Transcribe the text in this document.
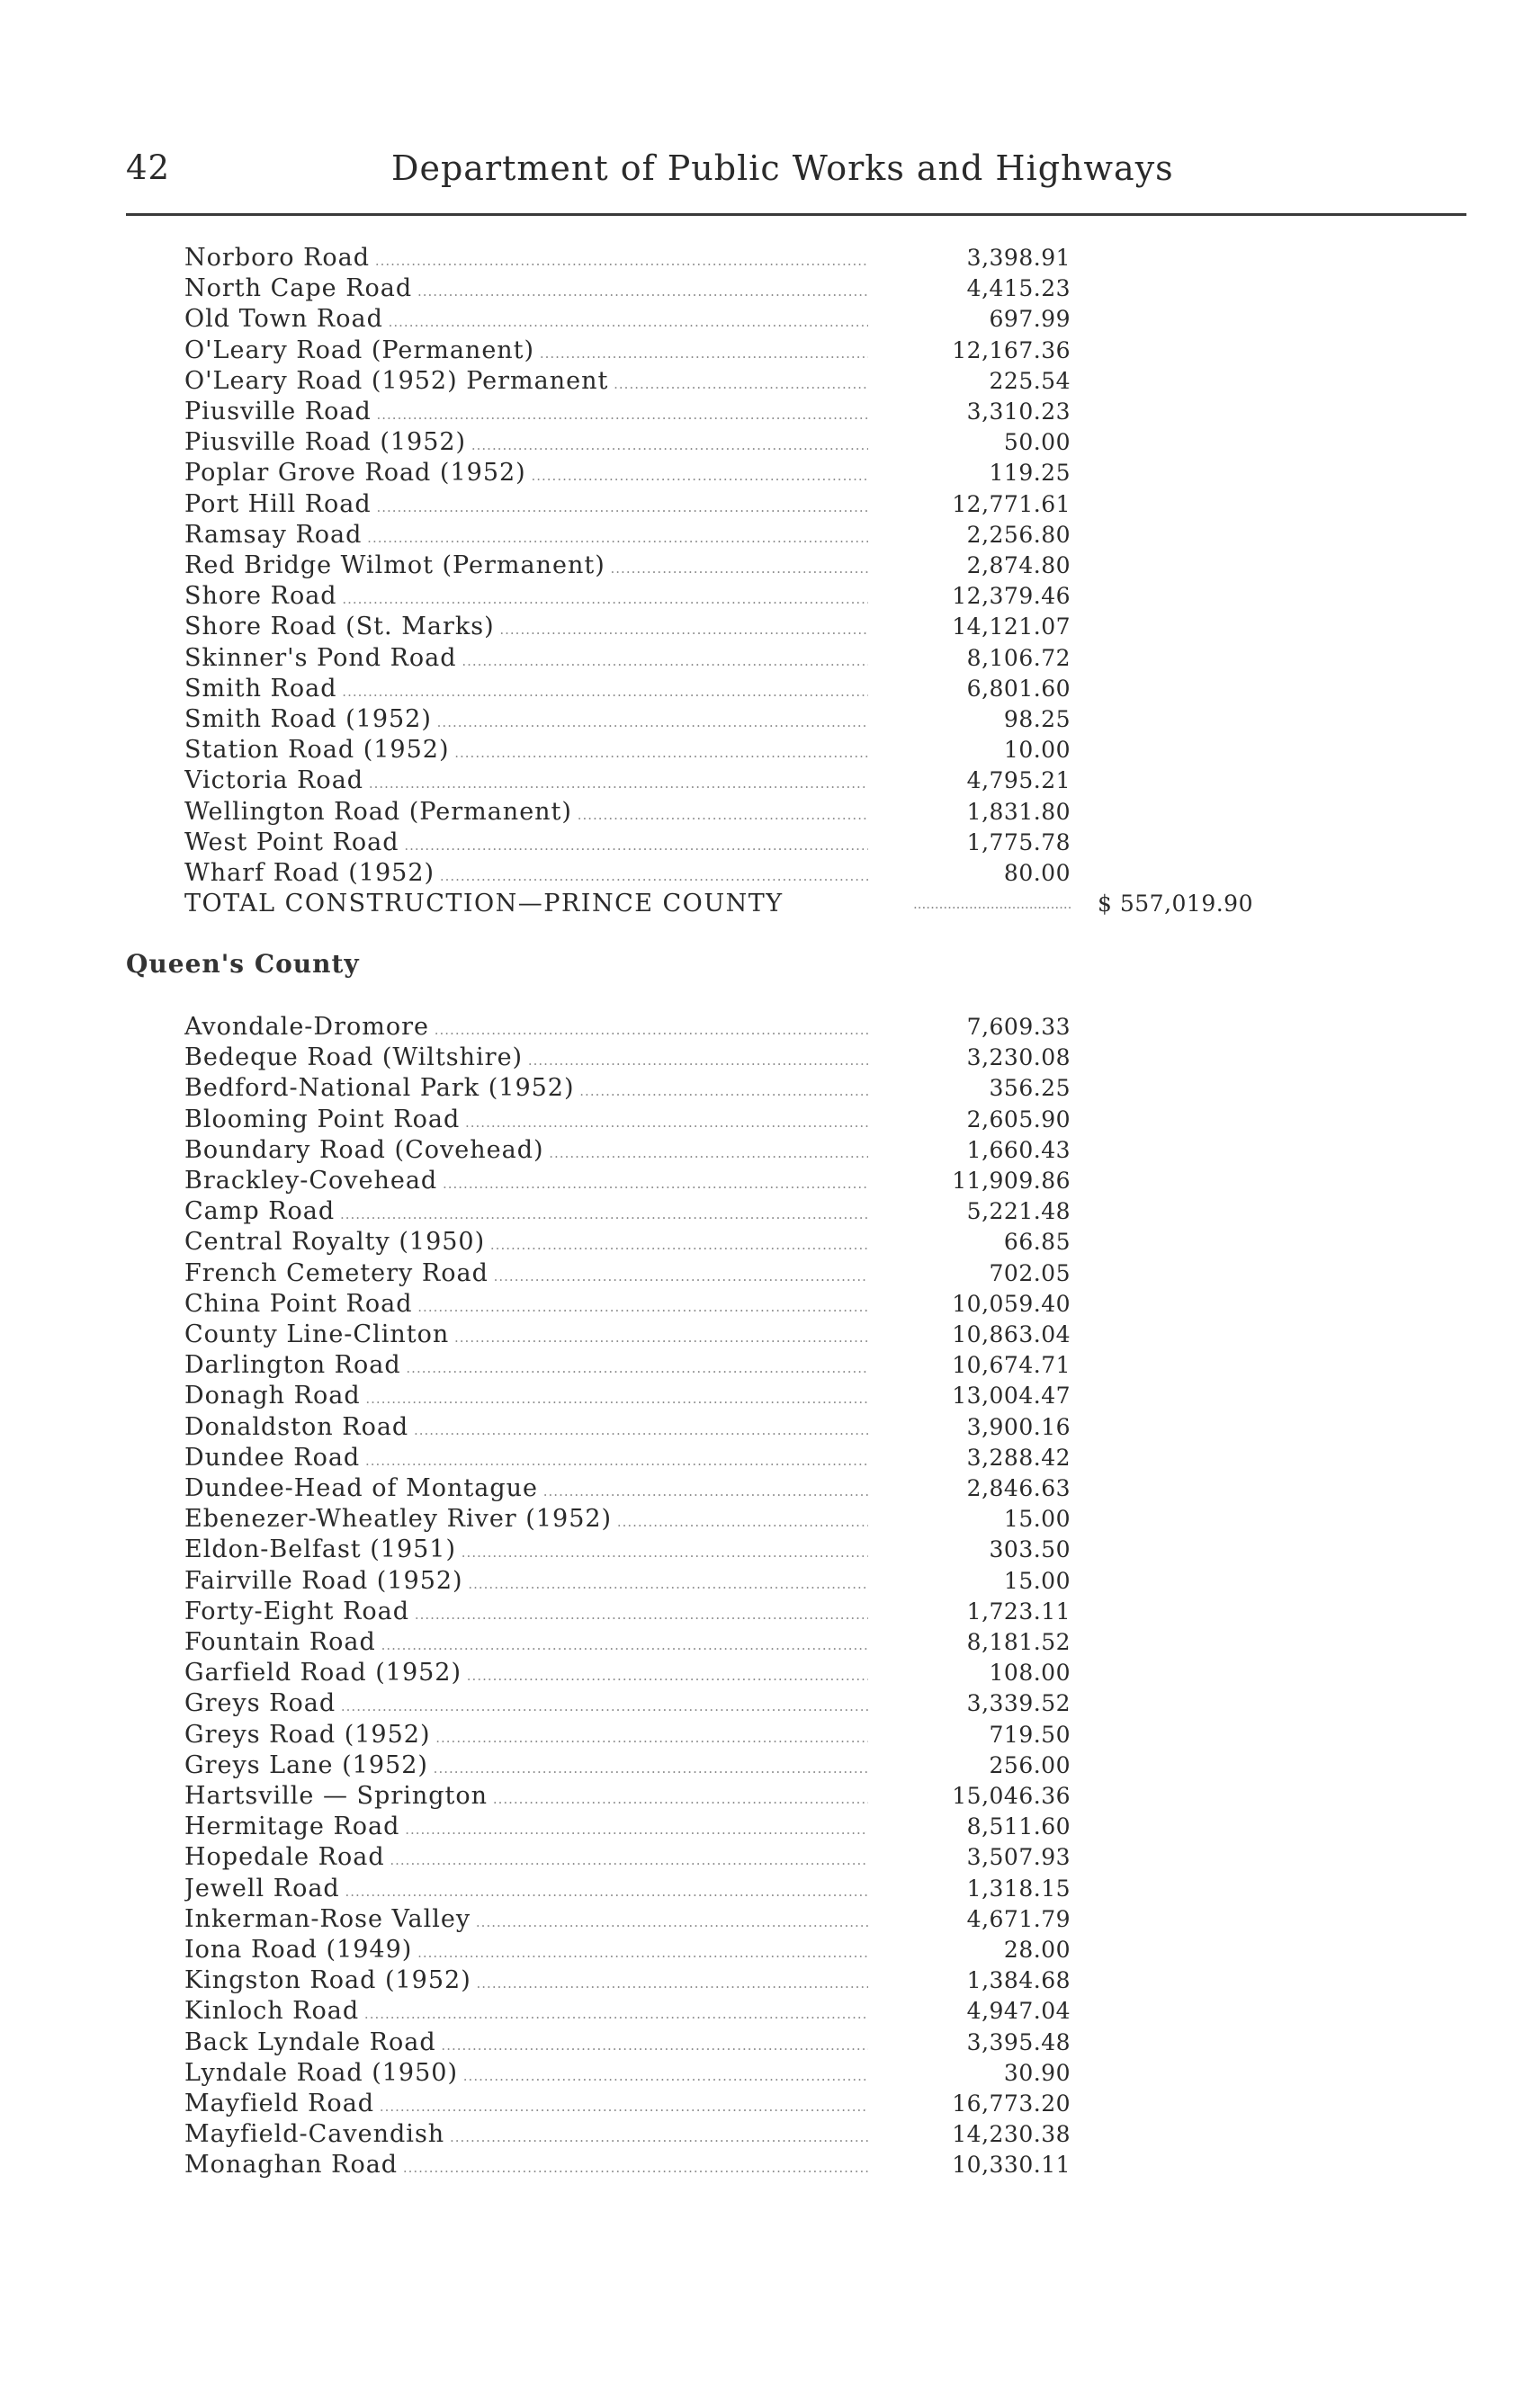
42	Department of Public Works and Highways
Norboro Road .....	3,398.91
North Cape Road .....	4,415.23
Old Town Road .....	697.99
O'Leary Road (Permanent) .....	12,167.36
O'Leary Road (1952) Permanent .....	225.54
Piusville Road .....	3,310.23
Piusville Road (1952) .....	50.00
Poplar Grove Road (1952) .....	119.25
Port Hill Road .....	12,771.61
Ramsay Road .....	2,256.80
Red Bridge Wilmot (Permanent) .....	2,874.80
Shore Road .....	12,379.46
Shore Road (St. Marks) .....	14,121.07
Skinner's Pond Road .....	8,106.72
Smith Road .....	6,801.60
Smith Road (1952) .....	98.25
Station Road (1952) .....	10.00
Victoria Road .....	4,795.21
Wellington Road (Permanent) .....	1,831.80
West Point Road .....	1,775.78
Wharf Road (1952) .....	80.00
TOTAL CONSTRUCTION—PRINCE COUNTY
.....	$ 557,019.90
Queen's County
Avondale-Dromore .....	7,609.33
Bedeque Road (Wiltshire) .....	3,230.08
Bedford-National Park (1952) .....	356.25
Blooming Point Road .....	2,605.90
Boundary Road (Covehead) .....	1,660.43
Brackley-Covehead .....	11,909.86
Camp Road .....	5,221.48
Central Royalty (1950) .....	66.85
French Cemetery Road .....	702.05
China Point Road .....	10,059.40
County Line-Clinton .....	10,863.04
Darlington Road .....	10,674.71
Donagh Road .....	13,004.47
Donaldston Road .....	3,900.16
Dundee Road .....	3,288.42
Dundee-Head of Montague .....	2,846.63
Ebenezer-Wheatley River (1952) .....	15.00
Eldon-Belfast (1951) .....	303.50
Fairville Road (1952) .....	15.00
Forty-Eight Road .....	1,723.11
Fountain Road .....	8,181.52
Garfield Road (1952) .....	108.00
Greys Road .....	3,339.52
Greys Road (1952) .....	719.50
Greys Lane (1952) .....	256.00
Hartsville — Springton .....	15,046.36
Hermitage Road .....	8,511.60
Hopedale Road .....	3,507.93
Jewell Road .....	1,318.15
Inkerman-Rose Valley .....	4,671.79
Iona Road (1949) .....	28.00
Kingston Road (1952) .....	1,384.68
Kinloch Road .....	4,947.04
Back Lyndale Road .....	3,395.48
Lyndale Road (1950) .....	30.90
Mayfield Road .....	16,773.20
Mayfield-Cavendish .....	14,230.38
Monaghan Road .....	10,330.11
